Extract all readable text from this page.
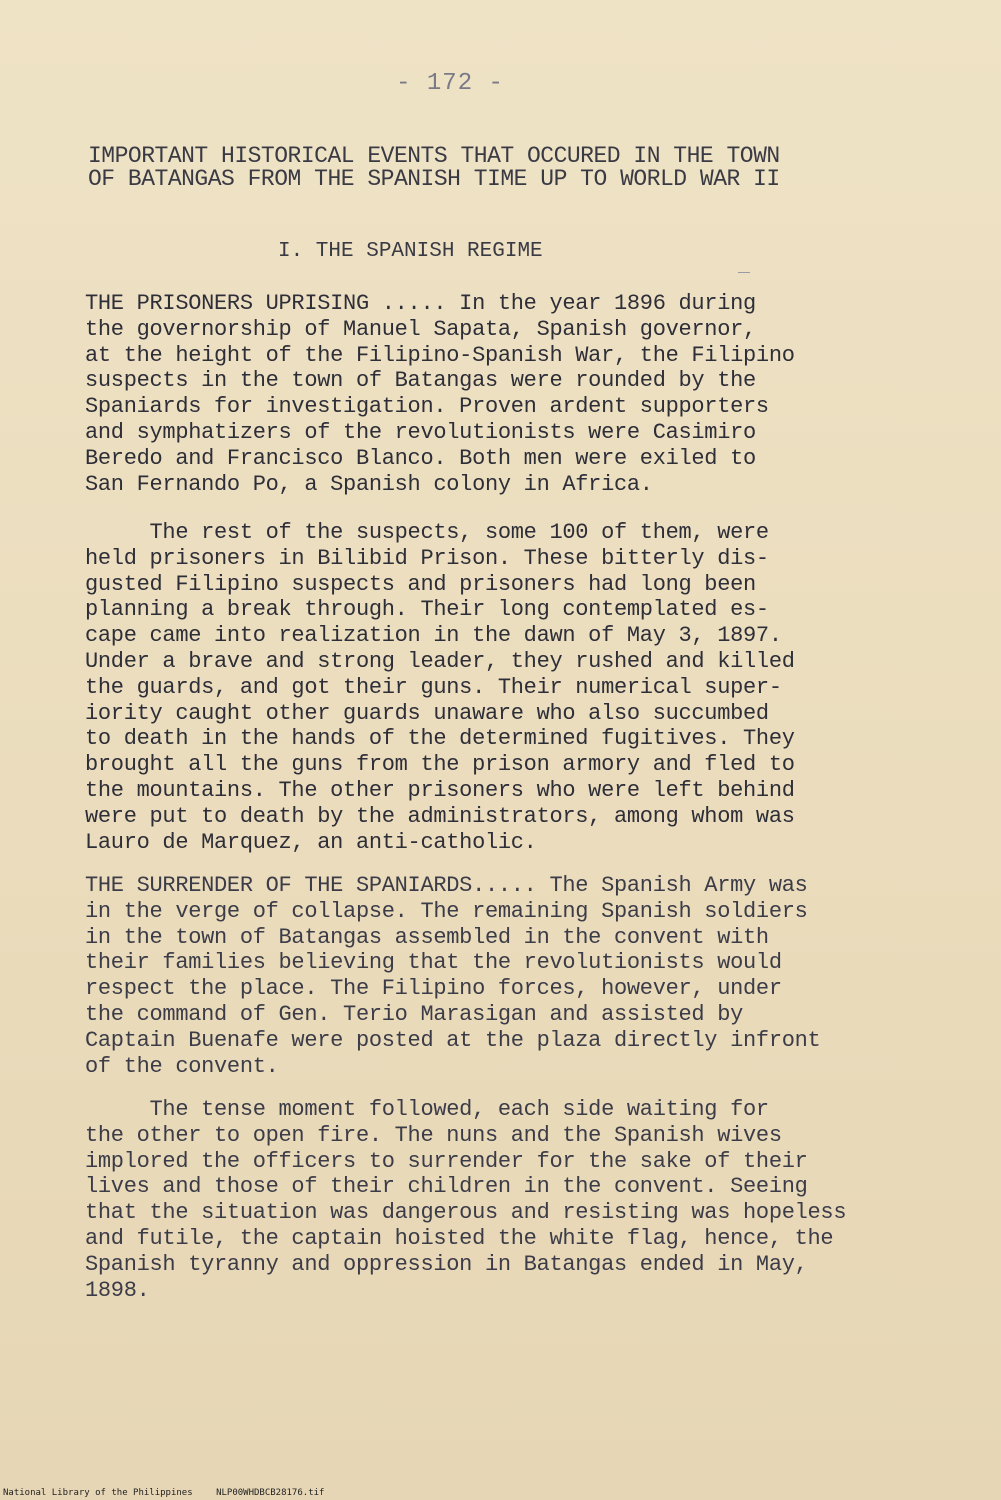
- 172 -
IMPORTANT HISTORICAL EVENTS THAT OCCURED IN THE TOWN
OF BATANGAS FROM THE SPANISH TIME UP TO WORLD WAR II
I. THE SPANISH REGIME
THE PRISONERS UPRISING ..... In the year 1896 during
the governorship of Manuel Sapata, Spanish governor,
at the height of the Filipino-Spanish War, the Filipino
suspects in the town of Batangas were rounded by the
Spaniards for investigation. Proven ardent supporters
and symphatizers of the revolutionists were Casimiro
Beredo and Francisco Blanco. Both men were exiled to
San Fernando Po, a Spanish colony in Africa.
The rest of the suspects, some 100 of them, were
held prisoners in Bilibid Prison. These bitterly dis-
gusted Filipino suspects and prisoners had long been
planning a break through. Their long contemplated es-
cape came into realization in the dawn of May 3, 1897.
Under a brave and strong leader, they rushed and killed
the guards, and got their guns. Their numerical super-
iority caught other guards unaware who also succumbed
to death in the hands of the determined fugitives. They
brought all the guns from the prison armory and fled to
the mountains. The other prisoners who were left behind
were put to death by the administrators, among whom was
Lauro de Marquez, an anti-catholic.
THE SURRENDER OF THE SPANIARDS..... The Spanish Army was
in the verge of collapse. The remaining Spanish soldiers
in the town of Batangas assembled in the convent with
their families believing that the revolutionists would
respect the place. The Filipino forces, however, under
the command of Gen. Terio Marasigan and assisted by
Captain Buenafe were posted at the plaza directly infront
of the convent.
The tense moment followed, each side waiting for
the other to open fire. The nuns and the Spanish wives
implored the officers to surrender for the sake of their
lives and those of their children in the convent. Seeing
that the situation was dangerous and resisting was hopeless
and futile, the captain hoisted the white flag, hence, the
Spanish tyranny and oppression in Batangas ended in May,
1898.
National Library of the Philippines	NLP00WHDBCB28176.tif
